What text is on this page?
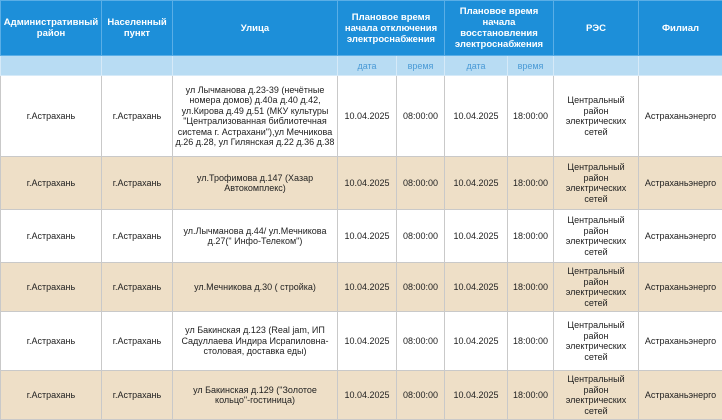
Административный район	Населенный пункт	Улица	Плановое время начала отключения электроснабжения		Плановое время начала восстановления электроснабжения		РЭС	Филиал
			дата	время	дата	время		
г.Астрахань	г.Астрахань	ул Лычманова д.23-39 (нечётные номера домов) д.40а д.40 д.42, ул.Кирова д.49 д.51 (МКУ культуры "Централизованная библиотечная система г. Астрахани"),ул Мечникова д.26 д.28, ул Гилянская д.22 д.36 д.38	10.04.2025	08:00:00	10.04.2025	18:00:00	Центральный район электрических сетей	Астраханьэнерго
г.Астрахань	г.Астрахань	ул.Трофимова д.147 (Хазар Автокомплекс)	10.04.2025	08:00:00	10.04.2025	18:00:00	Центральный район электрических сетей	Астраханьэнерго
г.Астрахань	г.Астрахань	ул.Лычманова д.44/ ул.Мечникова д.27(" Инфо-Телеком")	10.04.2025	08:00:00	10.04.2025	18:00:00	Центральный район электрических сетей	Астраханьэнерго
г.Астрахань	г.Астрахань	ул.Мечникова д.30 ( стройка)	10.04.2025	08:00:00	10.04.2025	18:00:00	Центральный район электрических сетей	Астраханьэнерго
г.Астрахань	г.Астрахань	ул Бакинская д.123 (Real jam, ИП Садуллаева Индира Исрапиловна- столовая, доставка еды)	10.04.2025	08:00:00	10.04.2025	18:00:00	Центральный район электрических сетей	Астраханьэнерго
г.Астрахань	г.Астрахань	ул Бакинская д.129 ("Золотое кольцо"-гостиница)	10.04.2025	08:00:00	10.04.2025	18:00:00	Центральный район электрических сетей	Астраханьэнерго
